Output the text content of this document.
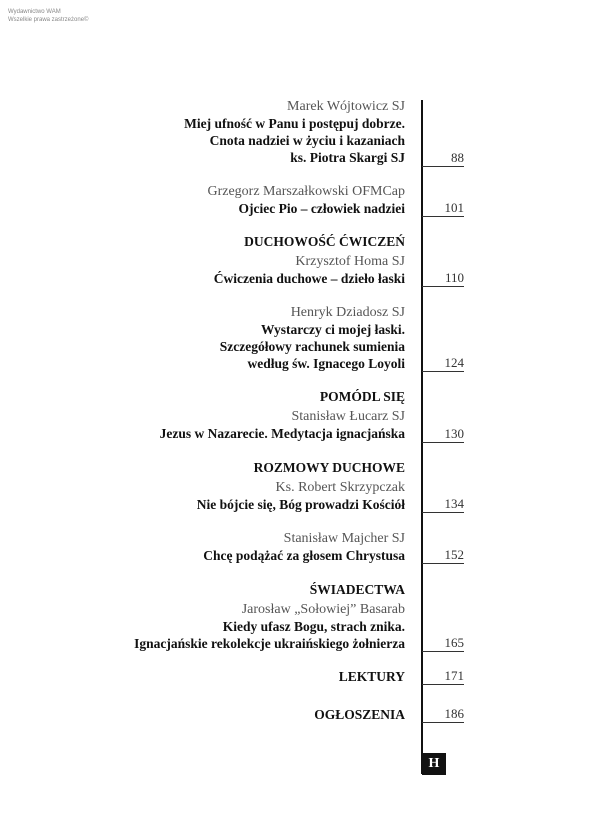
Wydawnictwo WAM
Wszelkie prawa zastrzeżone©
Marek Wójtowicz SJ
Miej ufność w Panu i postępuj dobrze.
Cnota nadziei w życiu i kazaniach
ks. Piotra Skargi SJ	88
Grzegorz Marszałkowski OFMCap
Ojciec Pio – człowiek nadziei	101
DUCHOWOŚĆ ĆWICZEŃ
Krzysztof Homa SJ
Ćwiczenia duchowe – dzieło łaski	110
Henryk Dziadosz SJ
Wystarczy ci mojej łaski.
Szczegółowy rachunek sumienia
według św. Ignacego Loyoli	124
POMÓDL SIĘ
Stanisław Łucarz SJ
Jezus w Nazarecie. Medytacja ignacjańska	130
ROZMOWY DUCHOWE
Ks. Robert Skrzypczak
Nie bójcie się, Bóg prowadzi Kościół	134
Stanisław Majcher SJ
Chcę podążać za głosem Chrystusa	152
ŚWIADECTWA
Jarosław „Sołowiej” Basarab
Kiedy ufasz Bogu, strach znika.
Ignacjańskie rekolekcje ukraińskiego żołnierza	165
LEKTURY	171
OGŁOSZENIA	186
H
